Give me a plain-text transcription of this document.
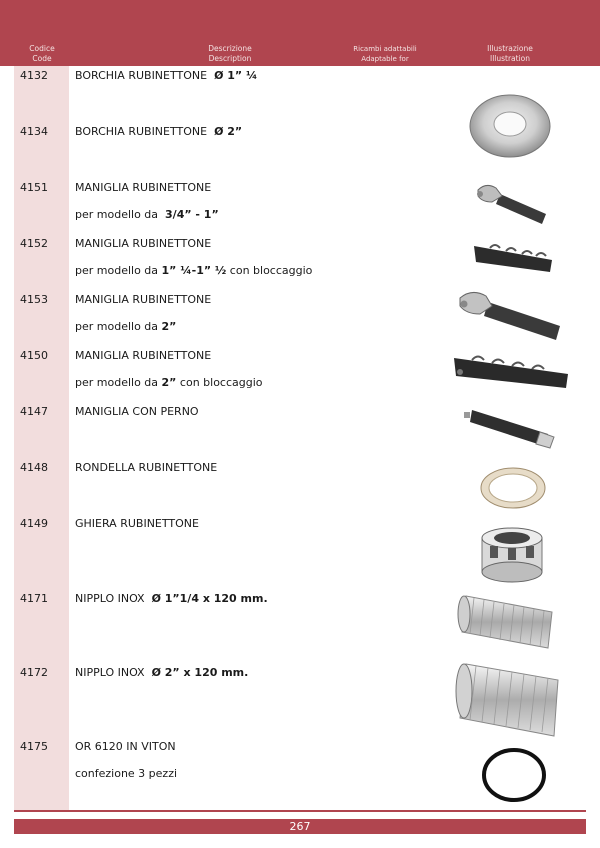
Codice
Code
Descrizione
Description
Ricambi adattabili
Adaptable for
Illustrazione
Illustration
4132 BORCHIA RUBINETTONE Ø 1” ¼
4134 BORCHIA RUBINETTONE Ø 2”
4151 MANIGLIA RUBINETTONE
per modello da 3/4” - 1”
4152 MANIGLIA RUBINETTONE
per modello da 1” ¼-1” ½ con bloccaggio
4153 MANIGLIA RUBINETTONE
per modello da 2”
4150 MANIGLIA RUBINETTONE
per modello da 2” con bloccaggio
4147 MANIGLIA CON PERNO
4148 RONDELLA RUBINETTONE
4149 GHIERA RUBINETTONE
4171 NIPPLO INOX Ø 1”1/4 x 120 mm.
4172 NIPPLO INOX Ø 2” x 120 mm.
4175 OR 6120 IN VITON
confezione 3 pezzi
267
